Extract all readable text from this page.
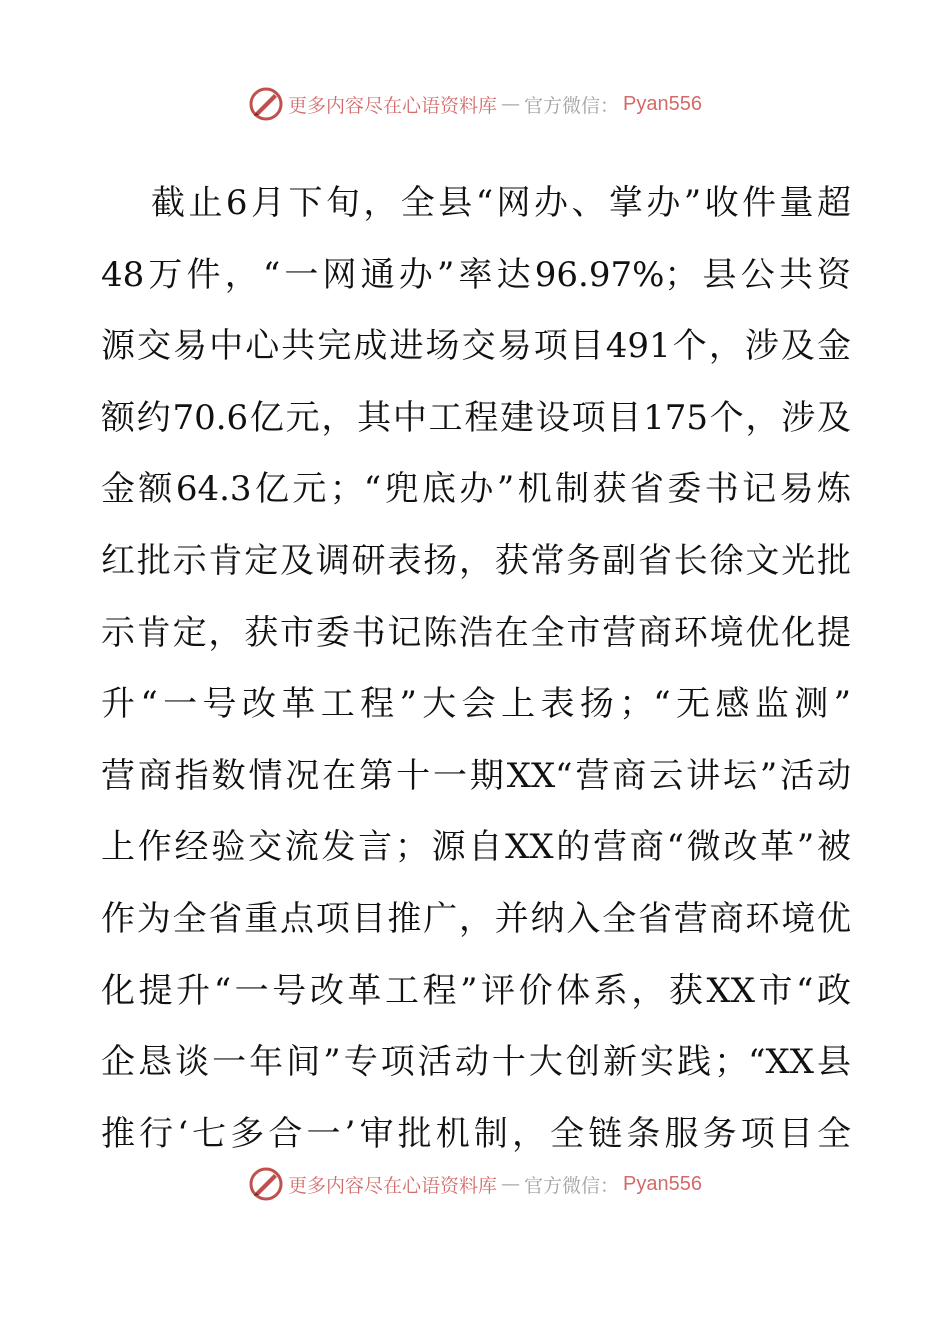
更多内容尽在心语资料库 — 官方微信： Pyan556
截止6月下旬，全县“网办、掌办”收件量超
48万件，“一网通办”率达96.97%；县公共资
源交易中心共完成进场交易项目491个，涉及金
额约70.6亿元，其中工程建设项目175个，涉及
金额64.3亿元；“兜底办”机制获省委书记易炼
红批示肯定及调研表扬，获常务副省长徐文光批
示肯定，获市委书记陈浩在全市营商环境优化提
升“一号改革工程”大会上表扬；“无感监测”
营商指数情况在第十一期XX“营商云讲坛”活动
上作经验交流发言；源自XX的营商“微改革”被
作为全省重点项目推广，并纳入全省营商环境优
化提升“一号改革工程”评价体系，获XX市“政
企恳谈一年间”专项活动十大创新实践；“XX县
推行‘七多合一’审批机制，全链条服务项目全
更多内容尽在心语资料库 — 官方微信： Pyan556
